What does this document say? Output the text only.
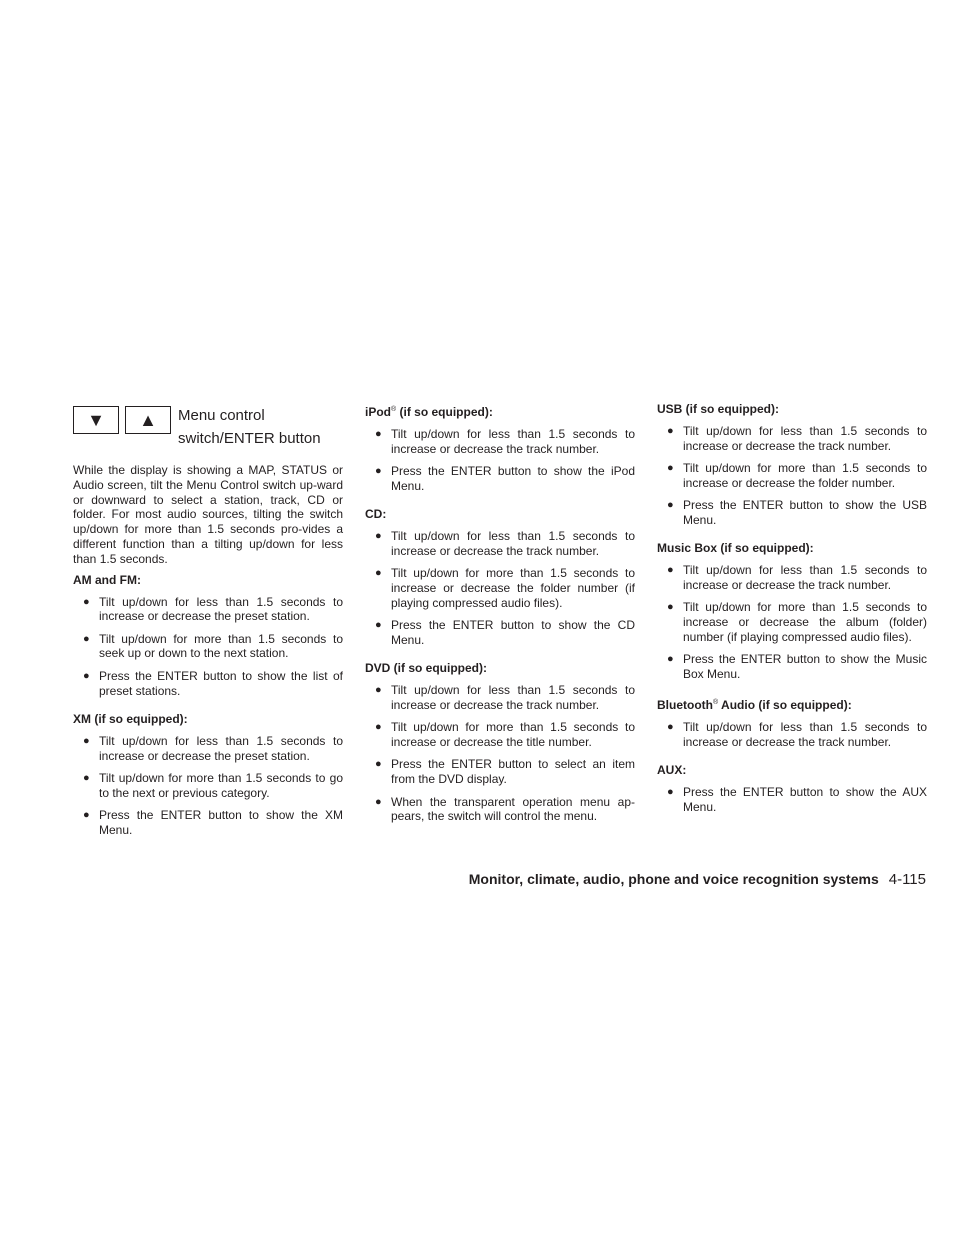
▼ ▲ Menu control
switch/ENTER button

While the display is showing a MAP, STATUS or Audio screen, tilt the Menu Control switch up-ward or downward to select a station, track, CD or folder. For most audio sources, tilting the switch up/down for more than 1.5 seconds pro-vides a different function than a tilting up/down for less than 1.5 seconds.

AM and FM:
● Tilt up/down for less than 1.5 seconds to increase or decrease the preset station.
● Tilt up/down for more than 1.5 seconds to seek up or down to the next station.
● Press the ENTER button to show the list of preset stations.
XM (if so equipped):
● Tilt up/down for less than 1.5 seconds to increase or decrease the preset station.
● Tilt up/down for more than 1.5 seconds to go to the next or previous category.
● Press the ENTER button to show the XM Menu.
iPod® (if so equipped):
● Tilt up/down for less than 1.5 seconds to increase or decrease the track number.
● Press the ENTER button to show the iPod Menu.
CD:
● Tilt up/down for less than 1.5 seconds to increase or decrease the track number.
● Tilt up/down for more than 1.5 seconds to increase or decrease the folder number (if playing compressed audio files).
● Press the ENTER button to show the CD Menu.
DVD (if so equipped):
● Tilt up/down for less than 1.5 seconds to increase or decrease the track number.
● Tilt up/down for more than 1.5 seconds to increase or decrease the title number.
● Press the ENTER button to select an item from the DVD display.
● When the transparent operation menu ap-pears, the switch will control the menu.
USB (if so equipped):
● Tilt up/down for less than 1.5 seconds to increase or decrease the track number.
● Tilt up/down for more than 1.5 seconds to increase or decrease the folder number.
● Press the ENTER button to show the USB Menu.
Music Box (if so equipped):
● Tilt up/down for less than 1.5 seconds to increase or decrease the track number.
● Tilt up/down for more than 1.5 seconds to increase or decrease the album (folder) number (if playing compressed audio files).
● Press the ENTER button to show the Music Box Menu.
Bluetooth® Audio (if so equipped):
● Tilt up/down for less than 1.5 seconds to increase or decrease the track number.
AUX:
● Press the ENTER button to show the AUX Menu.
Monitor, climate, audio, phone and voice recognition systems 4-115
